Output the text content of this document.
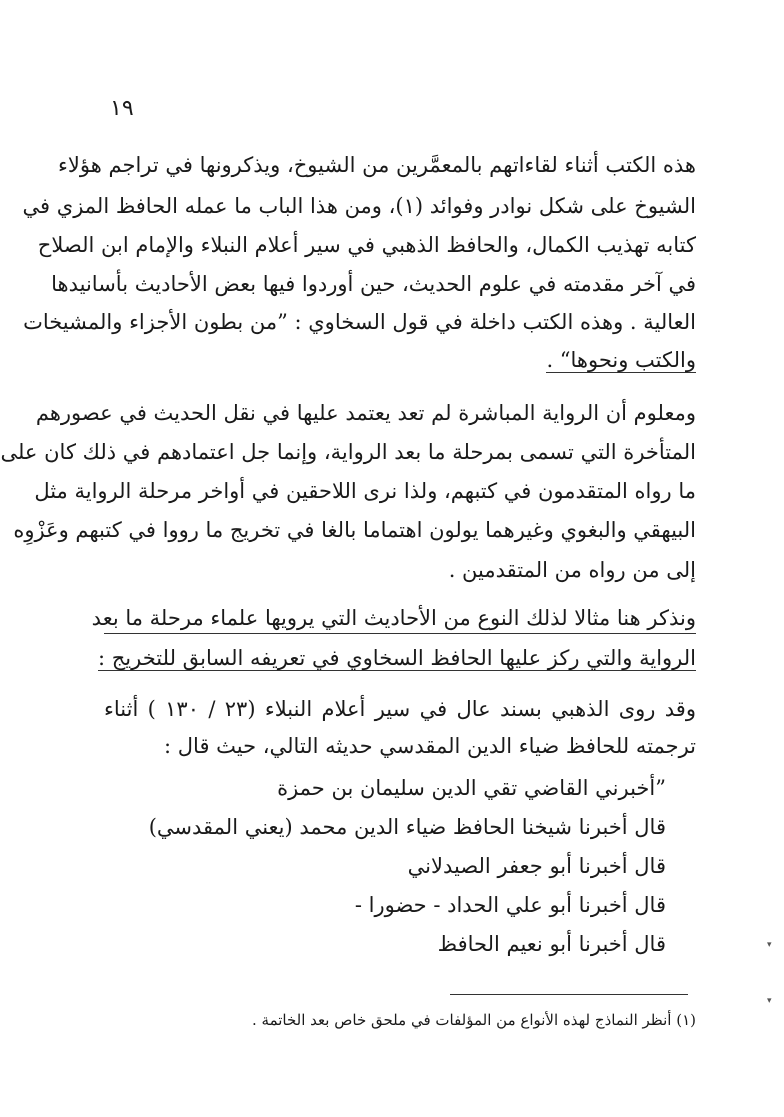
١٩
هذه الكتب أثناء لقاءاتهم بالمعمَّرين من الشيوخ، ويذكرونها في تراجم هؤلاء
الشيوخ على شكل نوادر وفوائد (١)، ومن هذا الباب ما عمله الحافظ المزي في
كتابه تهذيب الكمال، والحافظ الذهبي في سير أعلام النبلاء والإمام ابن الصلاح
في آخر مقدمته في علوم الحديث، حين أوردوا فيها بعض الأحاديث بأسانيدها
العالية . وهذه الكتب داخلة في قول السخاوي : ”من بطون الأجزاء والمشيخات
والكتب ونحوها“ .
ومعلوم أن الرواية المباشرة لم تعد يعتمد عليها في نقل الحديث في عصورهم
المتأخرة التي تسمى بمرحلة ما بعد الرواية، وإنما جل اعتمادهم في ذلك كان على
ما رواه المتقدمون في كتبهم، ولذا نرى اللاحقين في أواخر مرحلة الرواية مثل
البيهقي والبغوي وغيرهما يولون اهتماما بالغا في تخريج ما رووا في كتبهم وعَزْوِه
إلى من رواه من المتقدمين .
ونذكر هنا مثالا لذلك النوع من الأحاديث التي يرويها علماء مرحلة ما بعد
الرواية والتي ركز عليها الحافظ السخاوي في تعريفه السابق للتخريج :
وقد روى الذهبي بسند عال في سير أعلام النبلاء (٢٣ / ١٣٠ ) أثناء
ترجمته للحافظ ضياء الدين المقدسي حديثه التالي، حيث قال :
”أخبرني القاضي تقي الدين سليمان بن حمزة
قال أخبرنا شيخنا الحافظ ضياء الدين محمد (يعني المقدسي)
قال أخبرنا أبو جعفر الصيدلاني
قال أخبرنا أبو علي الحداد - حضورا -
قال أخبرنا أبو نعيم الحافظ
(١) أنظر النماذج لهذه الأنواع من المؤلفات في ملحق خاص بعد الخاتمة .
▾
▾
